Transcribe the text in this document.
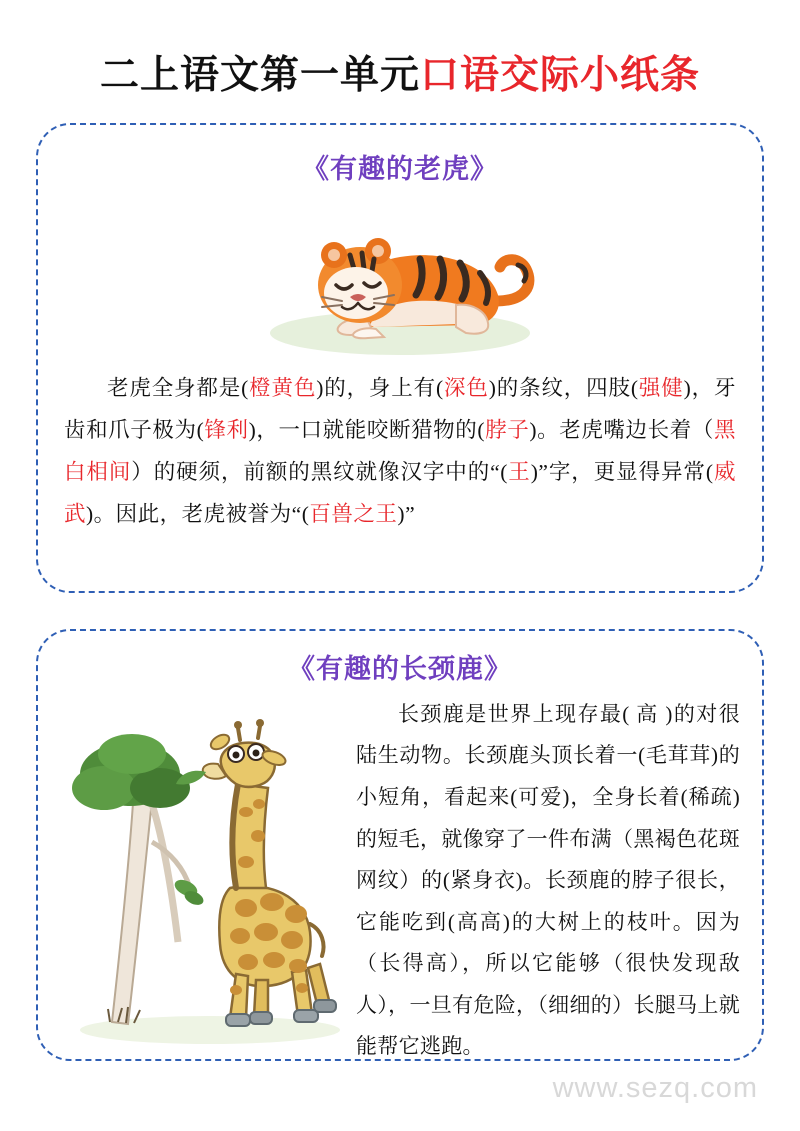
二上语文第一单元口语交际小纸条
《有趣的老虎》
老虎全身都是(橙黄色)的，身上有(深色)的条纹，四肢(强健)，牙齿和爪子极为(锋利)，一口就能咬断猎物的(脖子)。老虎嘴边长着（黑白相间）的硬须，前额的黑纹就像汉字中的“(王)”字，更显得异常(威武)。因此，老虎被誉为“(百兽之王)”
《有趣的长颈鹿》
长颈鹿是世界上现存最( 高 )的对很陆生动物。长颈鹿头顶长着一(毛茸茸)的小短角，看起来(可爱)，全身长着(稀疏)的短毛，就像穿了一件布满（黑褐色花斑网纹）的(紧身衣)。长颈鹿的脖子很长，它能吃到(高高)的大树上的枝叶。因为（长得高），所以它能够（很快发现敌人），一旦有危险，（细细的）长腿马上就能帮它逃跑。
www.sezq.com
